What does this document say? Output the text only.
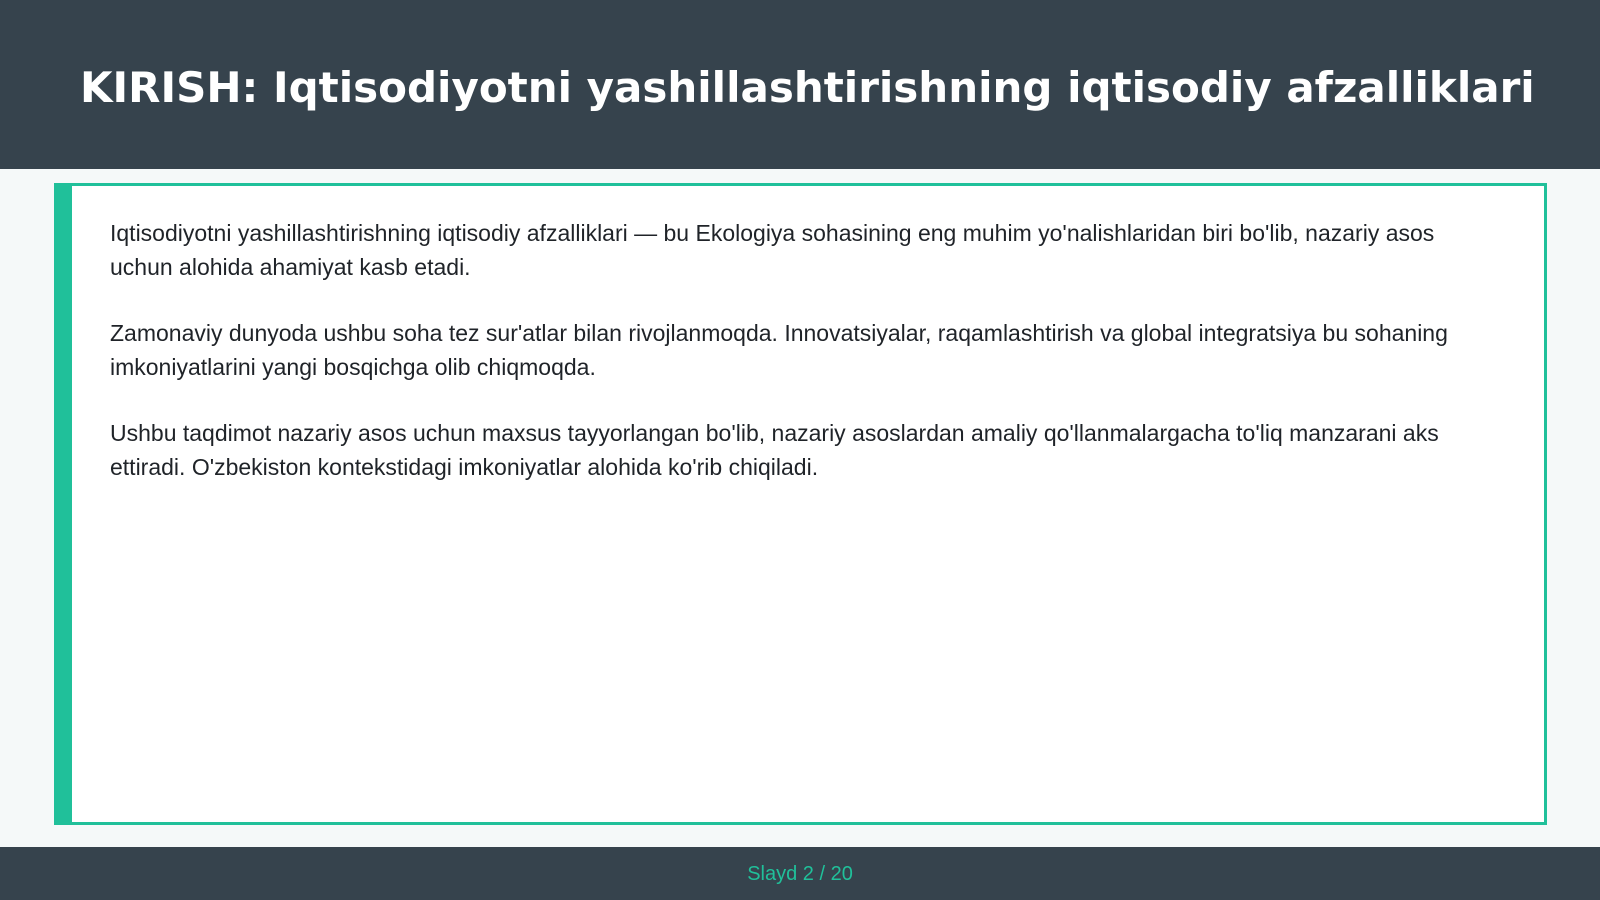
KIRISH: Iqtisodiyotni yashillashtirishning iqtisodiy afzalliklari

Iqtisodiyotni yashillashtirishning iqtisodiy afzalliklari — bu Ekologiya sohasining eng muhim yo'nalishlaridan biri bo'lib, nazariy asos uchun alohida ahamiyat kasb etadi.

Zamonaviy dunyoda ushbu soha tez sur'atlar bilan rivojlanmoqda. Innovatsiyalar, raqamlashtirish va global integratsiya bu sohaning imkoniyatlarini yangi bosqichga olib chiqmoqda.

Ushbu taqdimot nazariy asos uchun maxsus tayyorlangan bo'lib, nazariy asoslardan amaliy qo'llanmalargacha to'liq manzarani aks ettiradi. O'zbekiston kontekstidagi imkoniyatlar alohida ko'rib chiqiladi.

Slayd 2 / 20
